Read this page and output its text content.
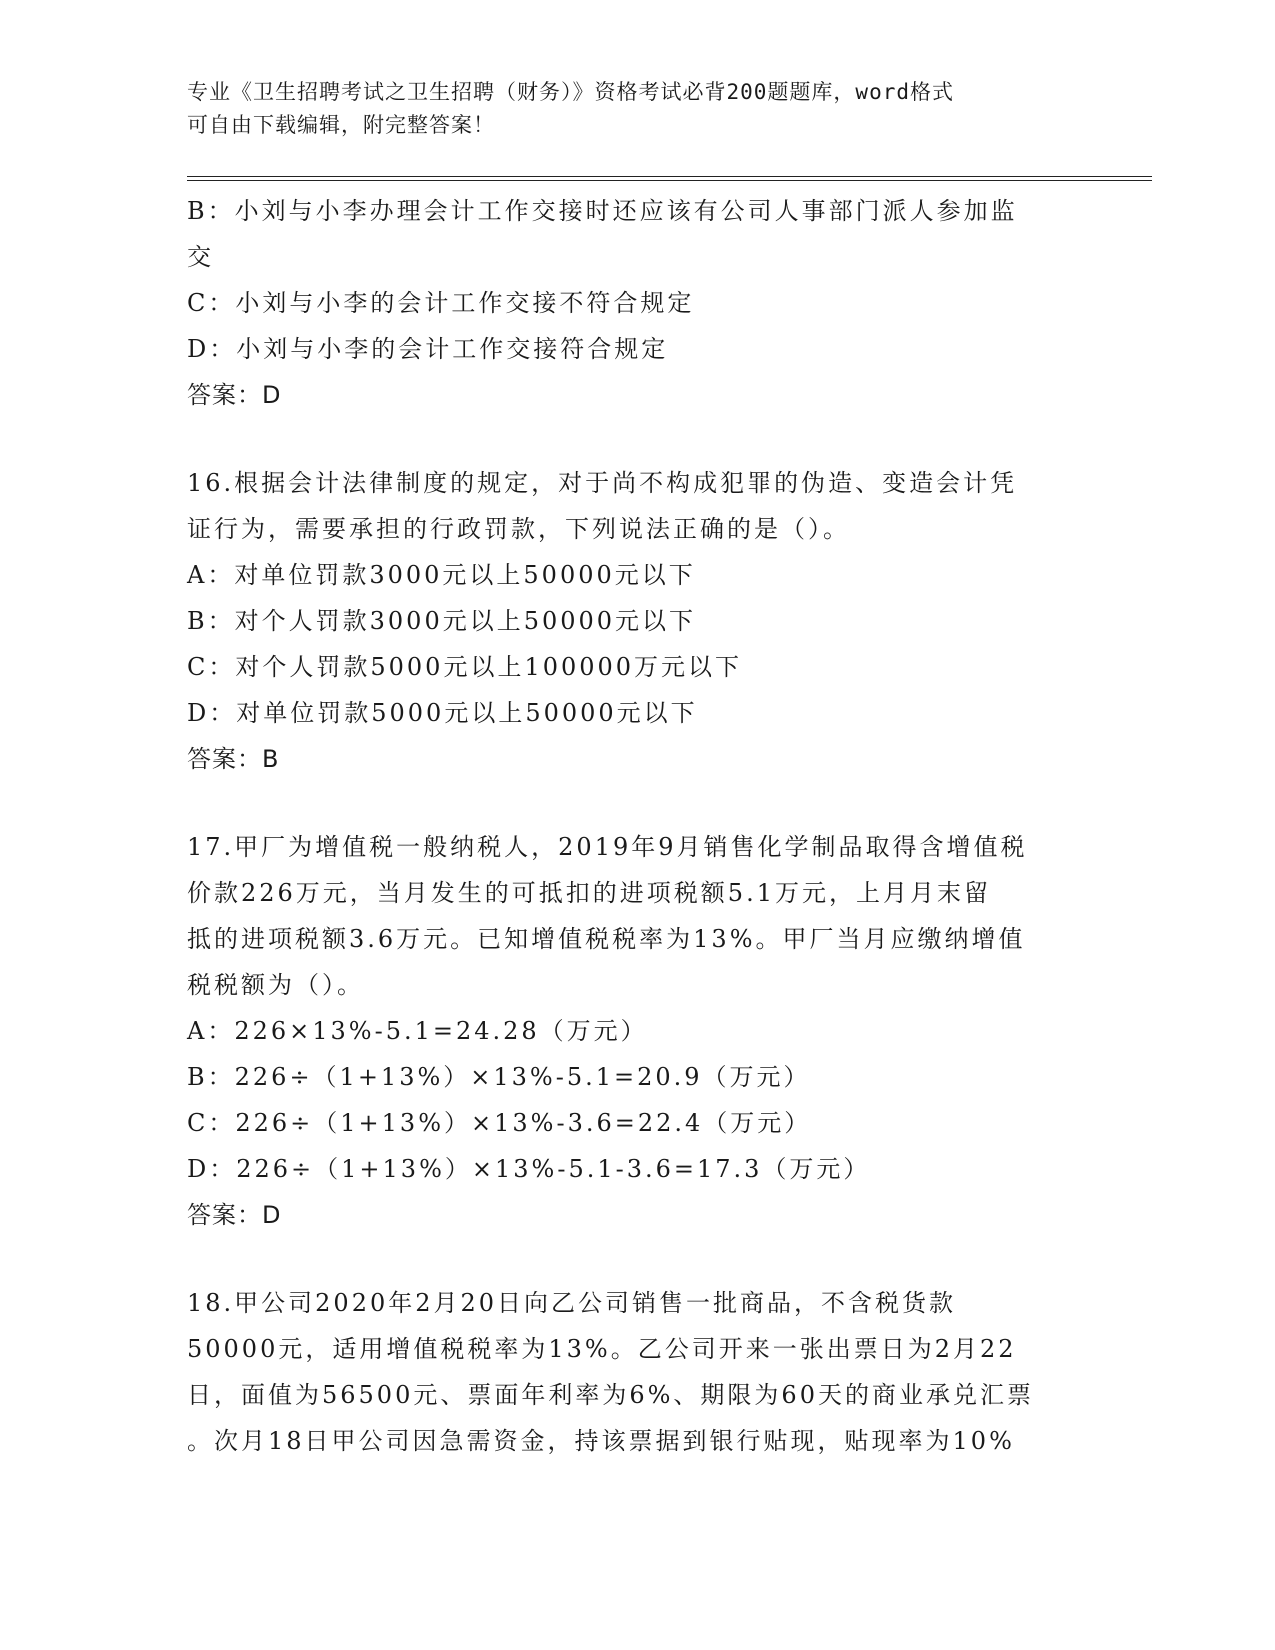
专业《卫生招聘考试之卫生招聘（财务）》资格考试必背200题题库，word格式
可自由下载编辑，附完整答案！
B：小刘与小李办理会计工作交接时还应该有公司人事部门派人参加监
交
C：小刘与小李的会计工作交接不符合规定
D：小刘与小李的会计工作交接符合规定
答案：D
16.根据会计法律制度的规定，对于尚不构成犯罪的伪造、变造会计凭
证行为，需要承担的行政罚款，下列说法正确的是（）。
A：对单位罚款3000元以上50000元以下
B：对个人罚款3000元以上50000元以下
C：对个人罚款5000元以上100000万元以下
D：对单位罚款5000元以上50000元以下
答案：B
17.甲厂为增值税一般纳税人，2019年9月销售化学制品取得含增值税
价款226万元，当月发生的可抵扣的进项税额5.1万元，上月月末留
抵的进项税额3.6万元。已知增值税税率为13%。甲厂当月应缴纳增值
税税额为（）。
A：226×13%-5.1=24.28（万元）
B：226÷（1+13%）×13%-5.1=20.9（万元）
C：226÷（1+13%）×13%-3.6=22.4（万元）
D：226÷（1+13%）×13%-5.1-3.6=17.3（万元）
答案：D
18.甲公司2020年2月20日向乙公司销售一批商品，不含税货款
50000元，适用增值税税率为13%。乙公司开来一张出票日为2月22
日，面值为56500元、票面年利率为6%、期限为60天的商业承兑汇票
。次月18日甲公司因急需资金，持该票据到银行贴现，贴现率为10%
